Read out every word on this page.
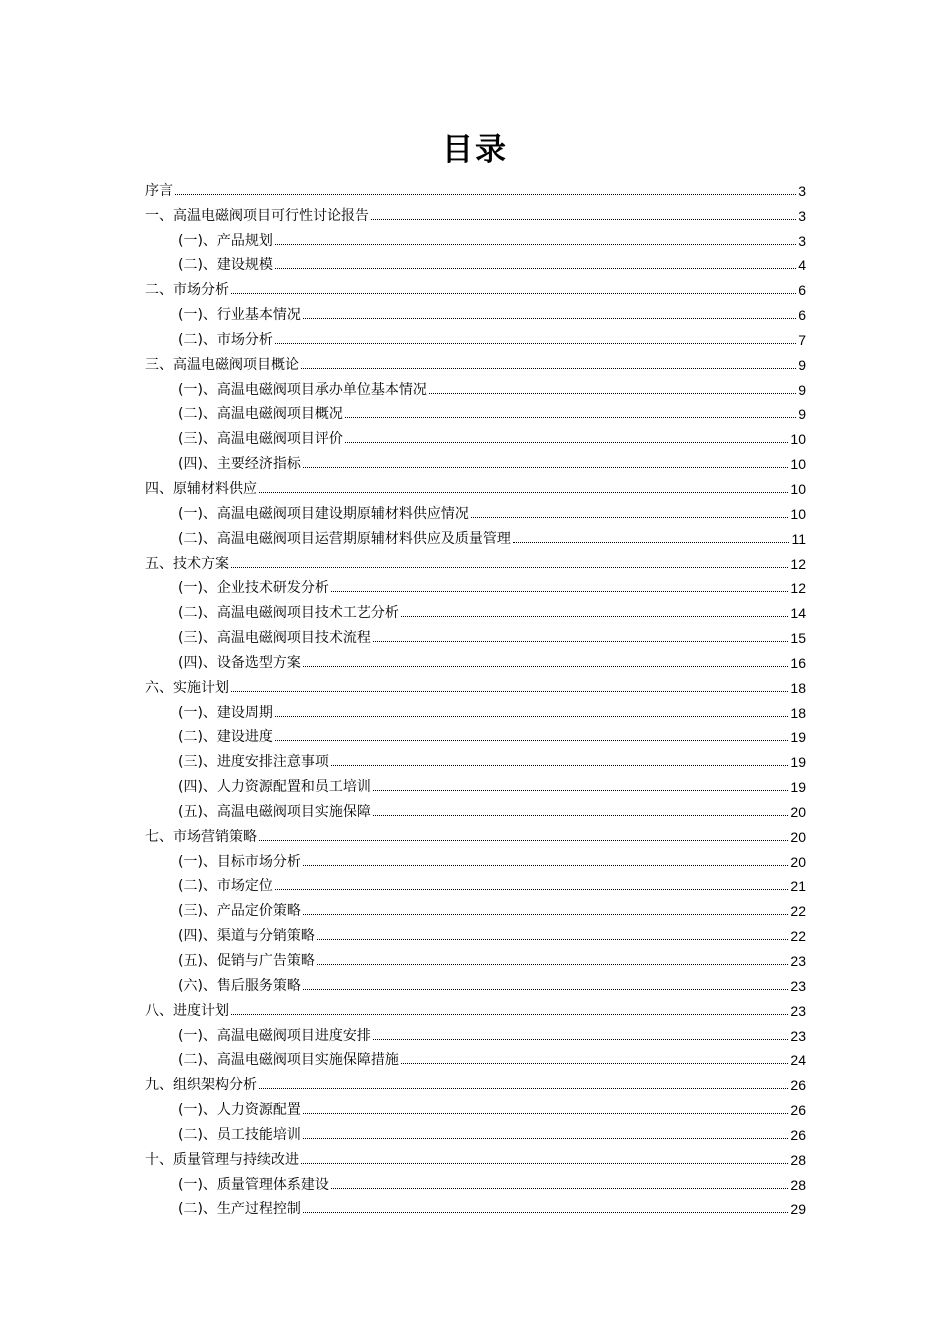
目录
序言	3
一、高温电磁阀项目可行性讨论报告	3
(一)、产品规划	3
(二)、建设规模	4
二、市场分析	6
(一)、行业基本情况	6
(二)、市场分析	7
三、高温电磁阀项目概论	9
(一)、高温电磁阀项目承办单位基本情况	9
(二)、高温电磁阀项目概况	9
(三)、高温电磁阀项目评价	10
(四)、主要经济指标	10
四、原辅材料供应	10
(一)、高温电磁阀项目建设期原辅材料供应情况	10
(二)、高温电磁阀项目运营期原辅材料供应及质量管理	11
五、技术方案	12
(一)、企业技术研发分析	12
(二)、高温电磁阀项目技术工艺分析	14
(三)、高温电磁阀项目技术流程	15
(四)、设备选型方案	16
六、实施计划	18
(一)、建设周期	18
(二)、建设进度	19
(三)、进度安排注意事项	19
(四)、人力资源配置和员工培训	19
(五)、高温电磁阀项目实施保障	20
七、市场营销策略	20
(一)、目标市场分析	20
(二)、市场定位	21
(三)、产品定价策略	22
(四)、渠道与分销策略	22
(五)、促销与广告策略	23
(六)、售后服务策略	23
八、进度计划	23
(一)、高温电磁阀项目进度安排	23
(二)、高温电磁阀项目实施保障措施	24
九、组织架构分析	26
(一)、人力资源配置	26
(二)、员工技能培训	26
十、质量管理与持续改进	28
(一)、质量管理体系建设	28
(二)、生产过程控制	29
